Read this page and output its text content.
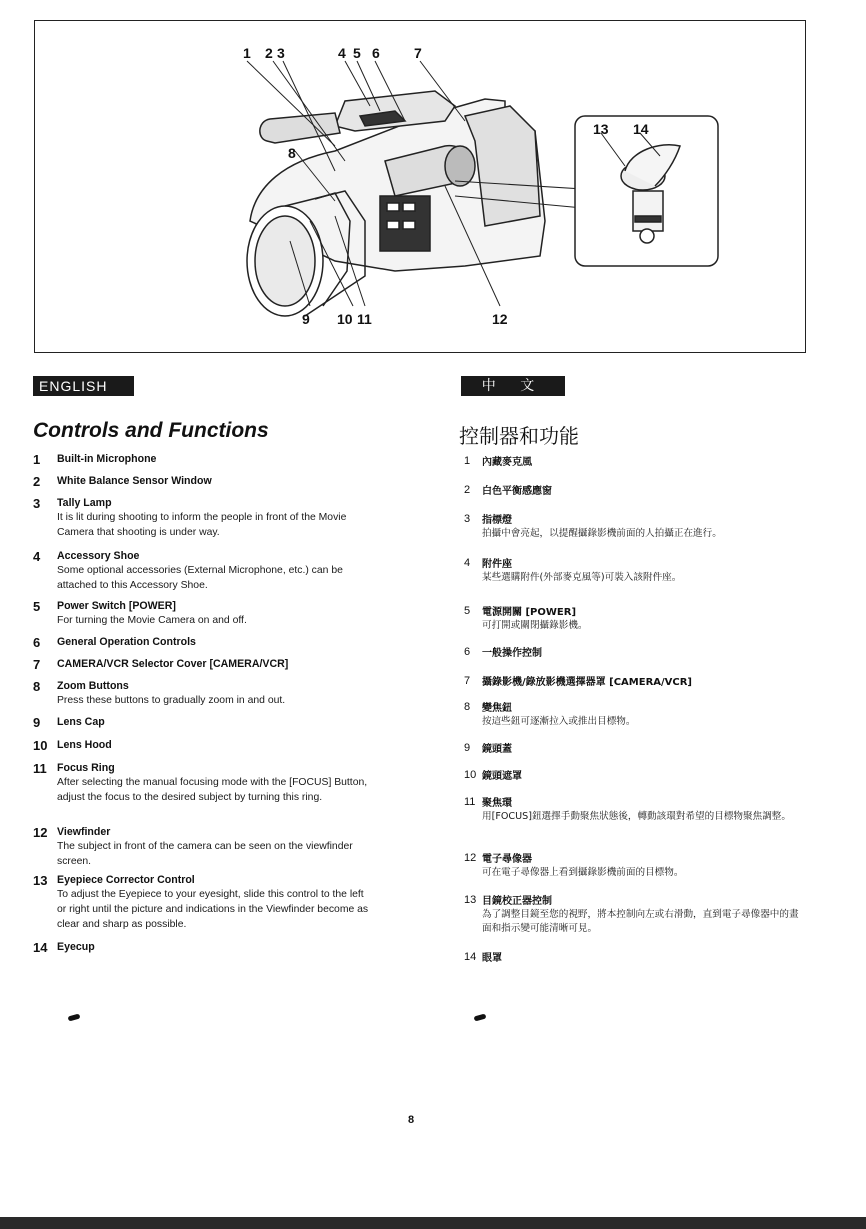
1 2 3	4 5 6 7
8
9 10 11	12
13 14
ENGLISH	中 文
Controls and Functions	控制器和功能
1	Built-in Microphone
2	White Balance Sensor Window
3	Tally Lamp
It is lit during shooting to inform the people in front of the Movie Camera that shooting is under way.
4	Accessory Shoe
Some optional accessories (External Microphone, etc.) can be attached to this Accessory Shoe.
5	Power Switch [POWER]
For turning the Movie Camera on and off.
6	General Operation Controls
7	CAMERA/VCR Selector Cover [CAMERA/VCR]
8	Zoom Buttons
Press these buttons to gradually zoom in and out.
9	Lens Cap
10 Lens Hood
11 Focus Ring
After selecting the manual focusing mode with the [FOCUS] Button, adjust the focus to the desired subject by turning this ring.
12 Viewfinder
The subject in front of the camera can be seen on the viewfinder screen.
13 Eyepiece Corrector Control
To adjust the Eyepiece to your eyesight, slide this control to the left or right until the picture and indications in the Viewfinder become as clear and sharp as possible.
14 Eyecup
1	內藏麥克風
2	白色平衡感應窗
3	指標燈
拍攝中會亮起，以提醒攝錄影機前面的人拍攝正在進行。
4	附件座
某些選購附件(外部麥克風等)可裝入該附件座。
5	電源開關 [POWER]
可打開或關閉攝錄影機。
6	一般操作控制
7	攝錄影機/錄放影機選擇器罩 [CAMERA/VCR]
8	變焦鈕
按這些鈕可逐漸拉入或推出目標物。
9	鏡頭蓋
10 鏡頭遮罩
11 聚焦環
用[FOCUS]鈕選擇手動聚焦狀態後，轉動該環對希望的目標物聚焦調整。
12 電子尋像器
可在電子尋像器上看到攝錄影機前面的目標物。
13 目鏡校正器控制
為了調整目鏡至您的視野，將本控制向左或右滑動，直到電子尋像器中的畫面和指示變可能清晰可見。
14 眼罩
8
